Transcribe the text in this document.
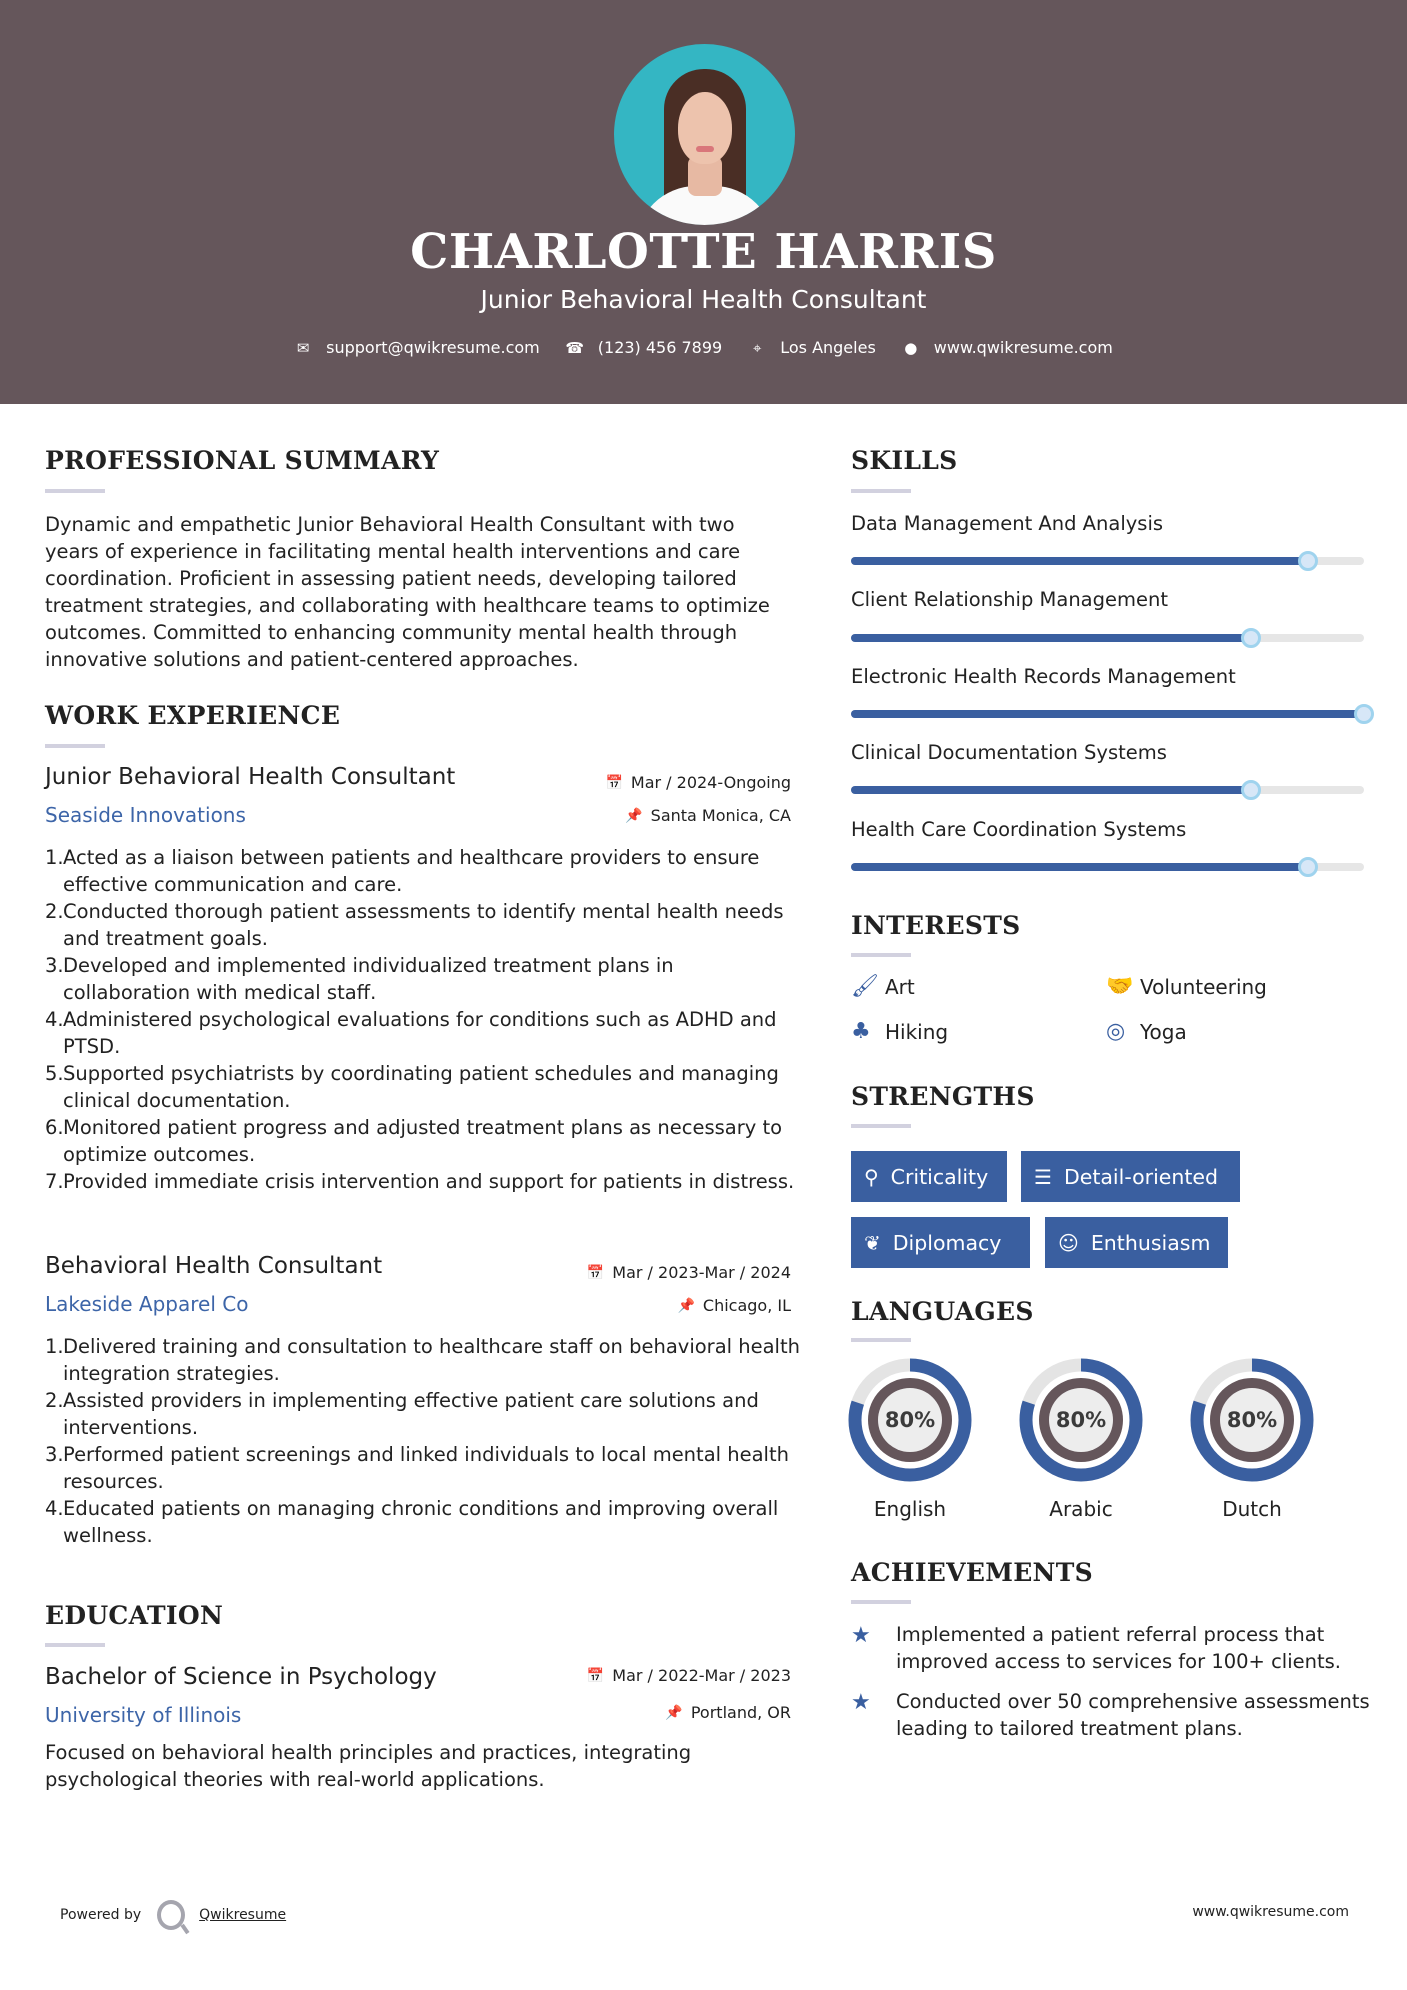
CHARLOTTE HARRIS
Junior Behavioral Health Consultant
✉ support@qwikresume.com ☎ (123) 456 7899	⌖ Los Angeles ● www.qwikresume.com
PROFESSIONAL SUMMARY
Dynamic and empathetic Junior Behavioral Health Consultant with two years of experience in facilitating mental health interventions and care coordination. Proficient in assessing patient needs, developing tailored treatment strategies, and collaborating with healthcare teams to optimize outcomes. Committed to enhancing community mental health through innovative solutions and patient-centered approaches.
WORK EXPERIENCE
Junior Behavioral Health Consultant	📅 Mar / 2024-Ongoing
Seaside Innovations	📌 Santa Monica, CA
1. Acted as a liaison between patients and healthcare providers to ensure effective communication and care.
2. Conducted thorough patient assessments to identify mental health needs and treatment goals.
3. Developed and implemented individualized treatment plans in collaboration with medical staff.
4. Administered psychological evaluations for conditions such as ADHD and PTSD.
5. Supported psychiatrists by coordinating patient schedules and managing clinical documentation.
6. Monitored patient progress and adjusted treatment plans as necessary to optimize outcomes.
7. Provided immediate crisis intervention and support for patients in distress.
Behavioral Health Consultant	📅 Mar / 2023-Mar / 2024
Lakeside Apparel Co	📌 Chicago, IL
1. Delivered training and consultation to healthcare staff on behavioral health integration strategies.
2. Assisted providers in implementing effective patient care solutions and interventions.
3. Performed patient screenings and linked individuals to local mental health resources.
4. Educated patients on managing chronic conditions and improving overall wellness.
EDUCATION
Bachelor of Science in Psychology	📅 Mar / 2022-Mar / 2023
University of Illinois	📌 Portland, OR
Focused on behavioral health principles and practices, integrating psychological theories with real-world applications.
SKILLS
Data Management And Analysis
Client Relationship Management
Electronic Health Records Management
Clinical Documentation Systems
Health Care Coordination Systems
INTERESTS
🖌 Art	🤝 Volunteering
♣ Hiking	◎ Yoga
STRENGTHS
⚲ Criticality ☰ Detail-oriented
❦ Diplomacy	☺ Enthusiasm
LANGUAGES
80%
English
80%
Arabic
80%
Dutch
ACHIEVEMENTS
★	Implemented a patient referral process that improved access to services for 100+ clients.
★	Conducted over 50 comprehensive assessments leading to tailored treatment plans.
Powered by	Qwikresume	www.qwikresume.com
